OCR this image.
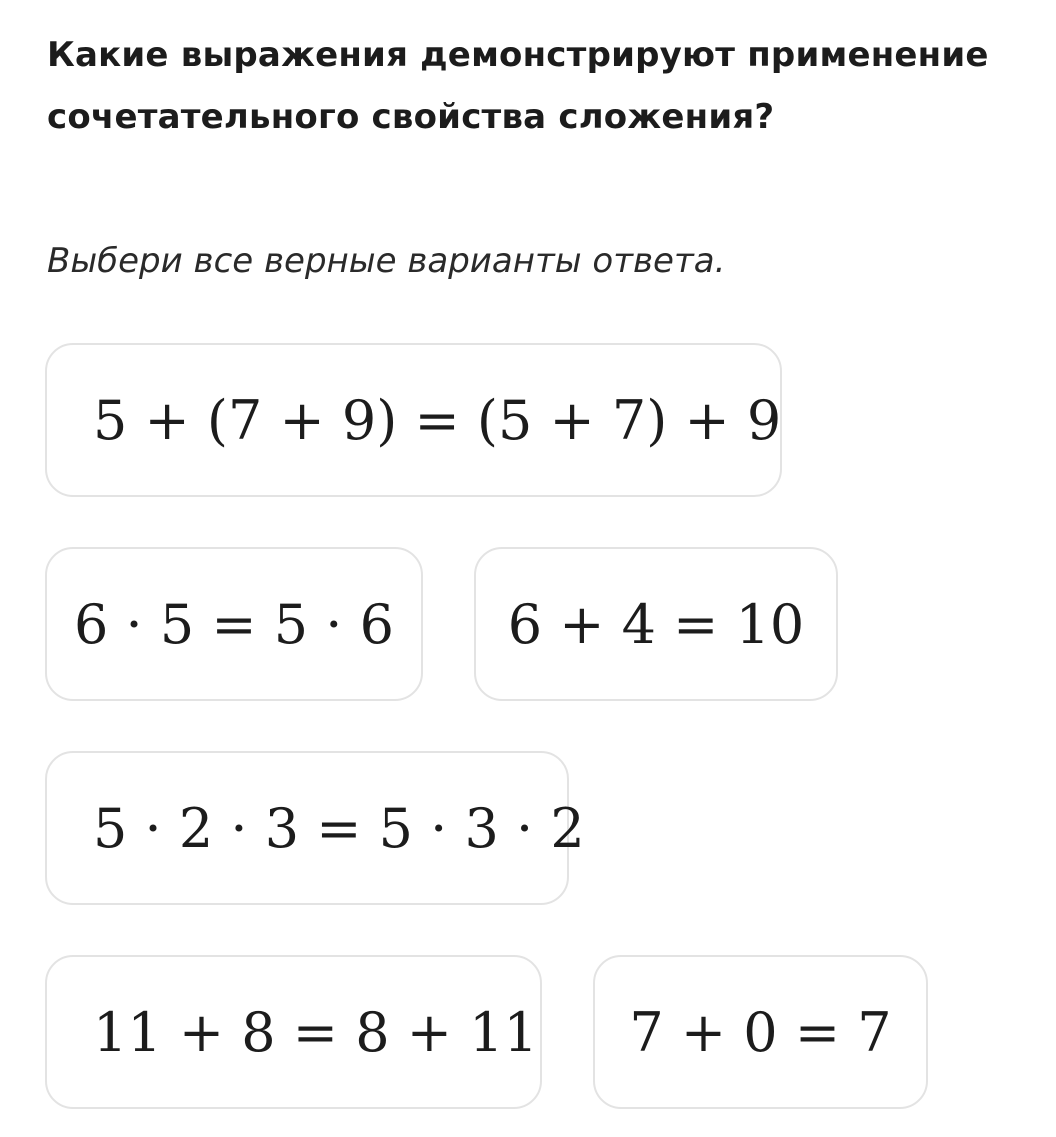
Какие выражения демонстрируют применение сочетательного свойства сложения?
Выбери все верные варианты ответа.
5 + (7 + 9) = (5 + 7) + 9
6 · 5 = 5 · 6	6 + 4 = 10
5 · 2 · 3 = 5 · 3 · 2
11 + 8 = 8 + 11	7 + 0 = 7
